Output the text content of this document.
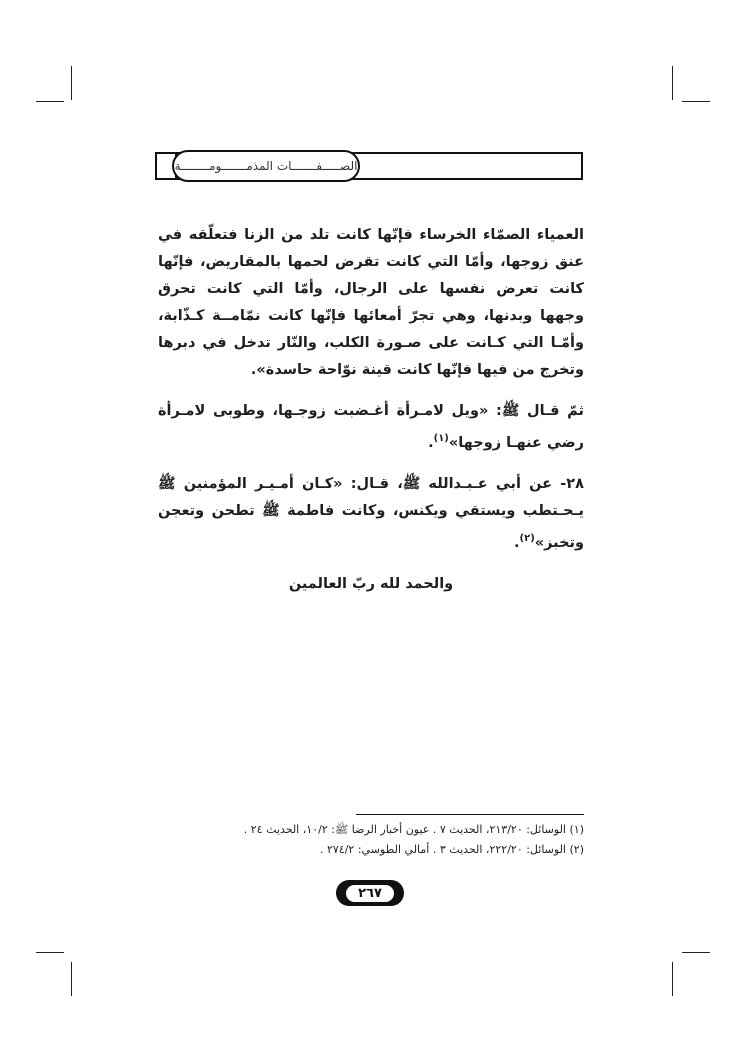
الصـــــفـــــــات المذمـــــــومــــــــة

العمياء الصمّاء الخرساء فإنّها كانت تلد من الزنا فتعلّقه في عنق زوجها، وأمّا التي كانت تقرض لحمها بالمقاريض، فإنّها كانت تعرض نفسها على الرجال، وأمّا التي كانت تحرق وجهها وبدنها، وهي تجرّ أمعائها فإنّها كانت نمّامــة كـذّابة، وأمّـا التي كـانت على صـورة الكلب، والنّار تدخل في دبرها وتخرج من فيها فإنّها كانت قينة نوّاحة حاسدة».

ثمّ قـال ﷺ: «ويل لامـرأة أغـضبت زوجـها، وطوبى لامـرأة رضي عنهـا زوجها»$^{(١)}$.

٢٨- عن أبي عـبـدالله ﷺ، قـال: «كـان أمـيـر المؤمنين ﷺ يـحـتطب ويستقي ويكنس، وكانت فاطمة ﷺ تطحن وتعجن وتخبز»$^{(٢)}$.

والحمد لله ربّ العالمين

(١) الوسائل: ٢١٣/٢٠، الحديث ٧ . عيون أخبار الرضا ﷺ: ١٠/٢، الحديث ٢٤ .
(٢) الوسائل: ٢٢٢/٢٠، الحديث ٣ . أمالي الطوسي: ٢٧٤/٢ .
٢٦٧
